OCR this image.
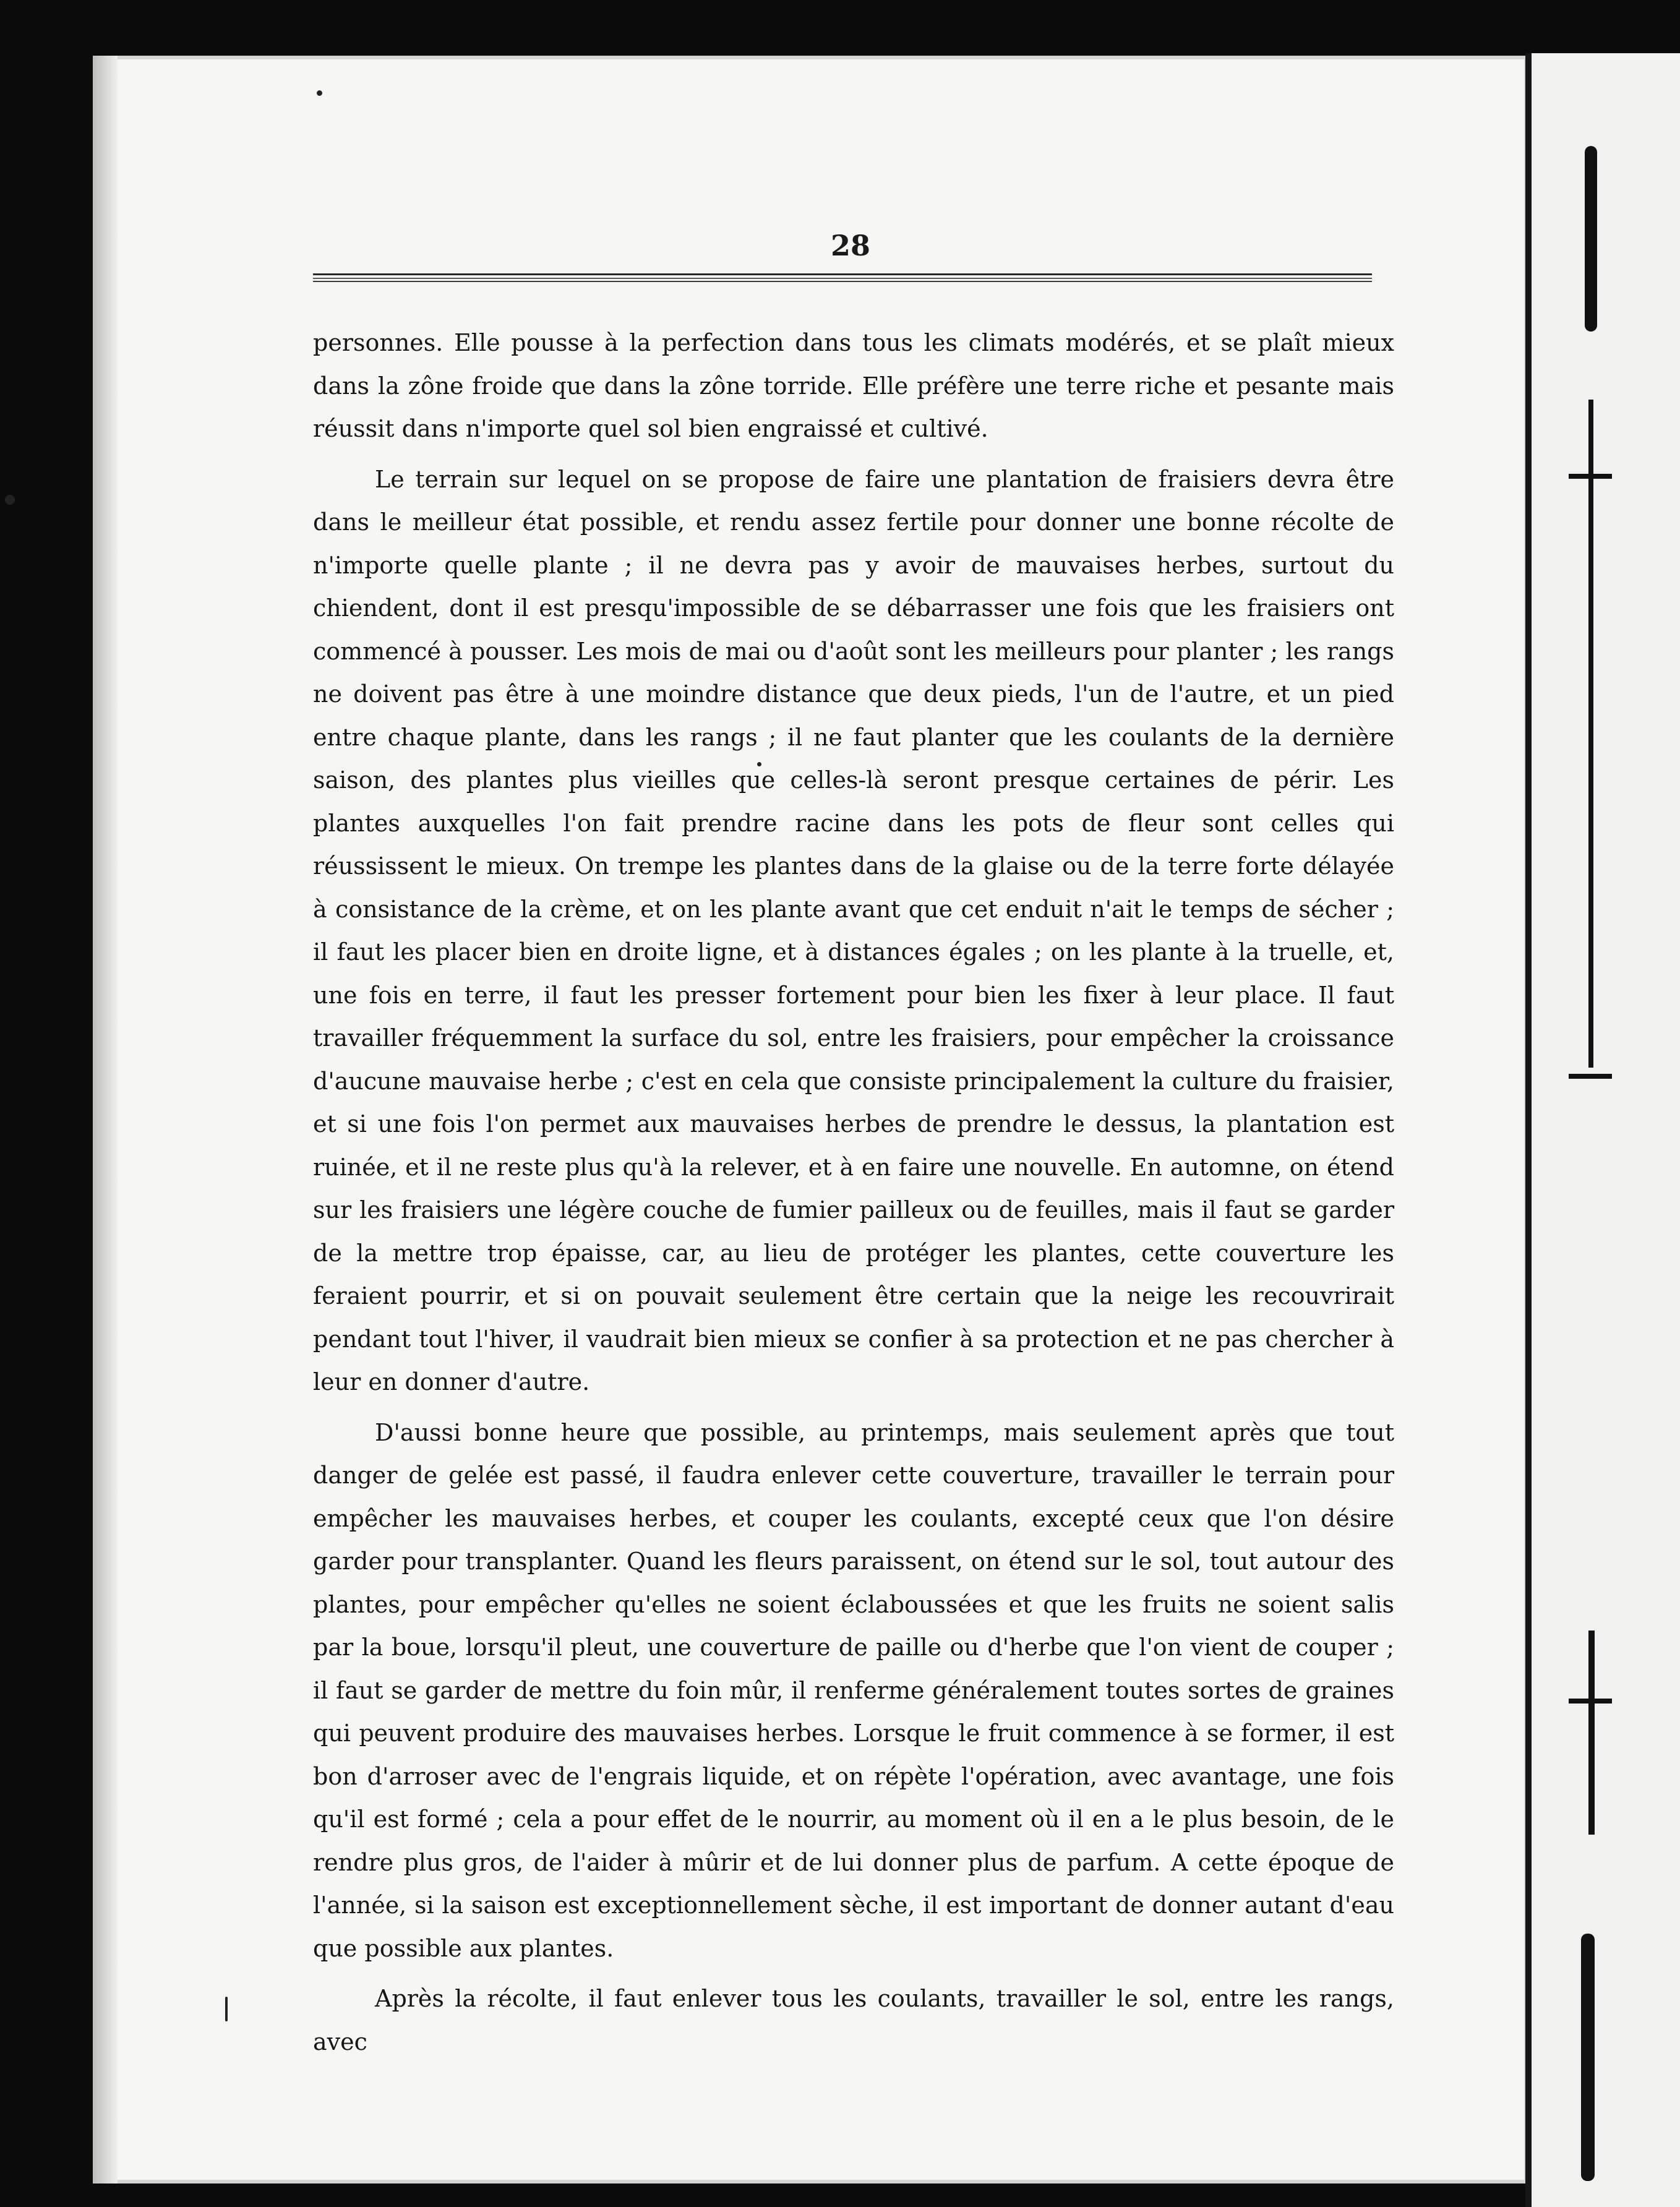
28

personnes. Elle pousse à la perfection dans tous les climats modérés, et se plaît mieux dans la zône froide que dans la zône torride. Elle préfère une terre riche et pesante mais réussit dans n'importe quel sol bien engraissé et cultivé.

Le terrain sur lequel on se propose de faire une plantation de fraisiers devra être dans le meilleur état possible, et rendu assez fertile pour donner une bonne récolte de n'importe quelle plante ; il ne devra pas y avoir de mauvaises herbes, surtout du chiendent, dont il est presqu'impossible de se débarrasser une fois que les fraisiers ont commencé à pousser. Les mois de mai ou d'août sont les meilleurs pour planter ; les rangs ne doivent pas être à une moindre distance que deux pieds, l'un de l'autre, et un pied entre chaque plante, dans les rangs ; il ne faut planter que les coulants de la dernière saison, des plantes plus vieilles que celles-là seront presque certaines de périr. Les plantes auxquelles l'on fait prendre racine dans les pots de fleur sont celles qui réussissent le mieux. On trempe les plantes dans de la glaise ou de la terre forte délayée à consistance de la crème, et on les plante avant que cet enduit n'ait le temps de sécher ; il faut les placer bien en droite ligne, et à distances égales ; on les plante à la truelle, et, une fois en terre, il faut les presser fortement pour bien les fixer à leur place. Il faut travailler fréquemment la surface du sol, entre les fraisiers, pour empêcher la croissance d'aucune mauvaise herbe ; c'est en cela que consiste principalement la culture du fraisier, et si une fois l'on permet aux mauvaises herbes de prendre le dessus, la plantation est ruinée, et il ne reste plus qu'à la relever, et à en faire une nouvelle. En automne, on étend sur les fraisiers une légère couche de fumier pailleux ou de feuilles, mais il faut se garder de la mettre trop épaisse, car, au lieu de protéger les plantes, cette couverture les feraient pourrir, et si on pouvait seulement être certain que la neige les recouvrirait pendant tout l'hiver, il vaudrait bien mieux se confier à sa protection et ne pas chercher à leur en donner d'autre.

D'aussi bonne heure que possible, au printemps, mais seulement après que tout danger de gelée est passé, il faudra enlever cette couverture, travailler le terrain pour empêcher les mauvaises herbes, et couper les coulants, excepté ceux que l'on désire garder pour transplanter. Quand les fleurs paraissent, on étend sur le sol, tout autour des plantes, pour empêcher qu'elles ne soient éclaboussées et que les fruits ne soient salis par la boue, lorsqu'il pleut, une couverture de paille ou d'herbe que l'on vient de couper ; il faut se garder de mettre du foin mûr, il renferme généralement toutes sortes de graines qui peuvent produire des mauvaises herbes. Lorsque le fruit commence à se former, il est bon d'arroser avec de l'engrais liquide, et on répète l'opération, avec avantage, une fois qu'il est formé ; cela a pour effet de le nourrir, au moment où il en a le plus besoin, de le rendre plus gros, de l'aider à mûrir et de lui donner plus de parfum. A cette époque de l'année, si la saison est exceptionnellement sèche, il est important de donner autant d'eau que possible aux plantes.

Après la récolte, il faut enlever tous les coulants, travailler le sol, entre les rangs, avec
